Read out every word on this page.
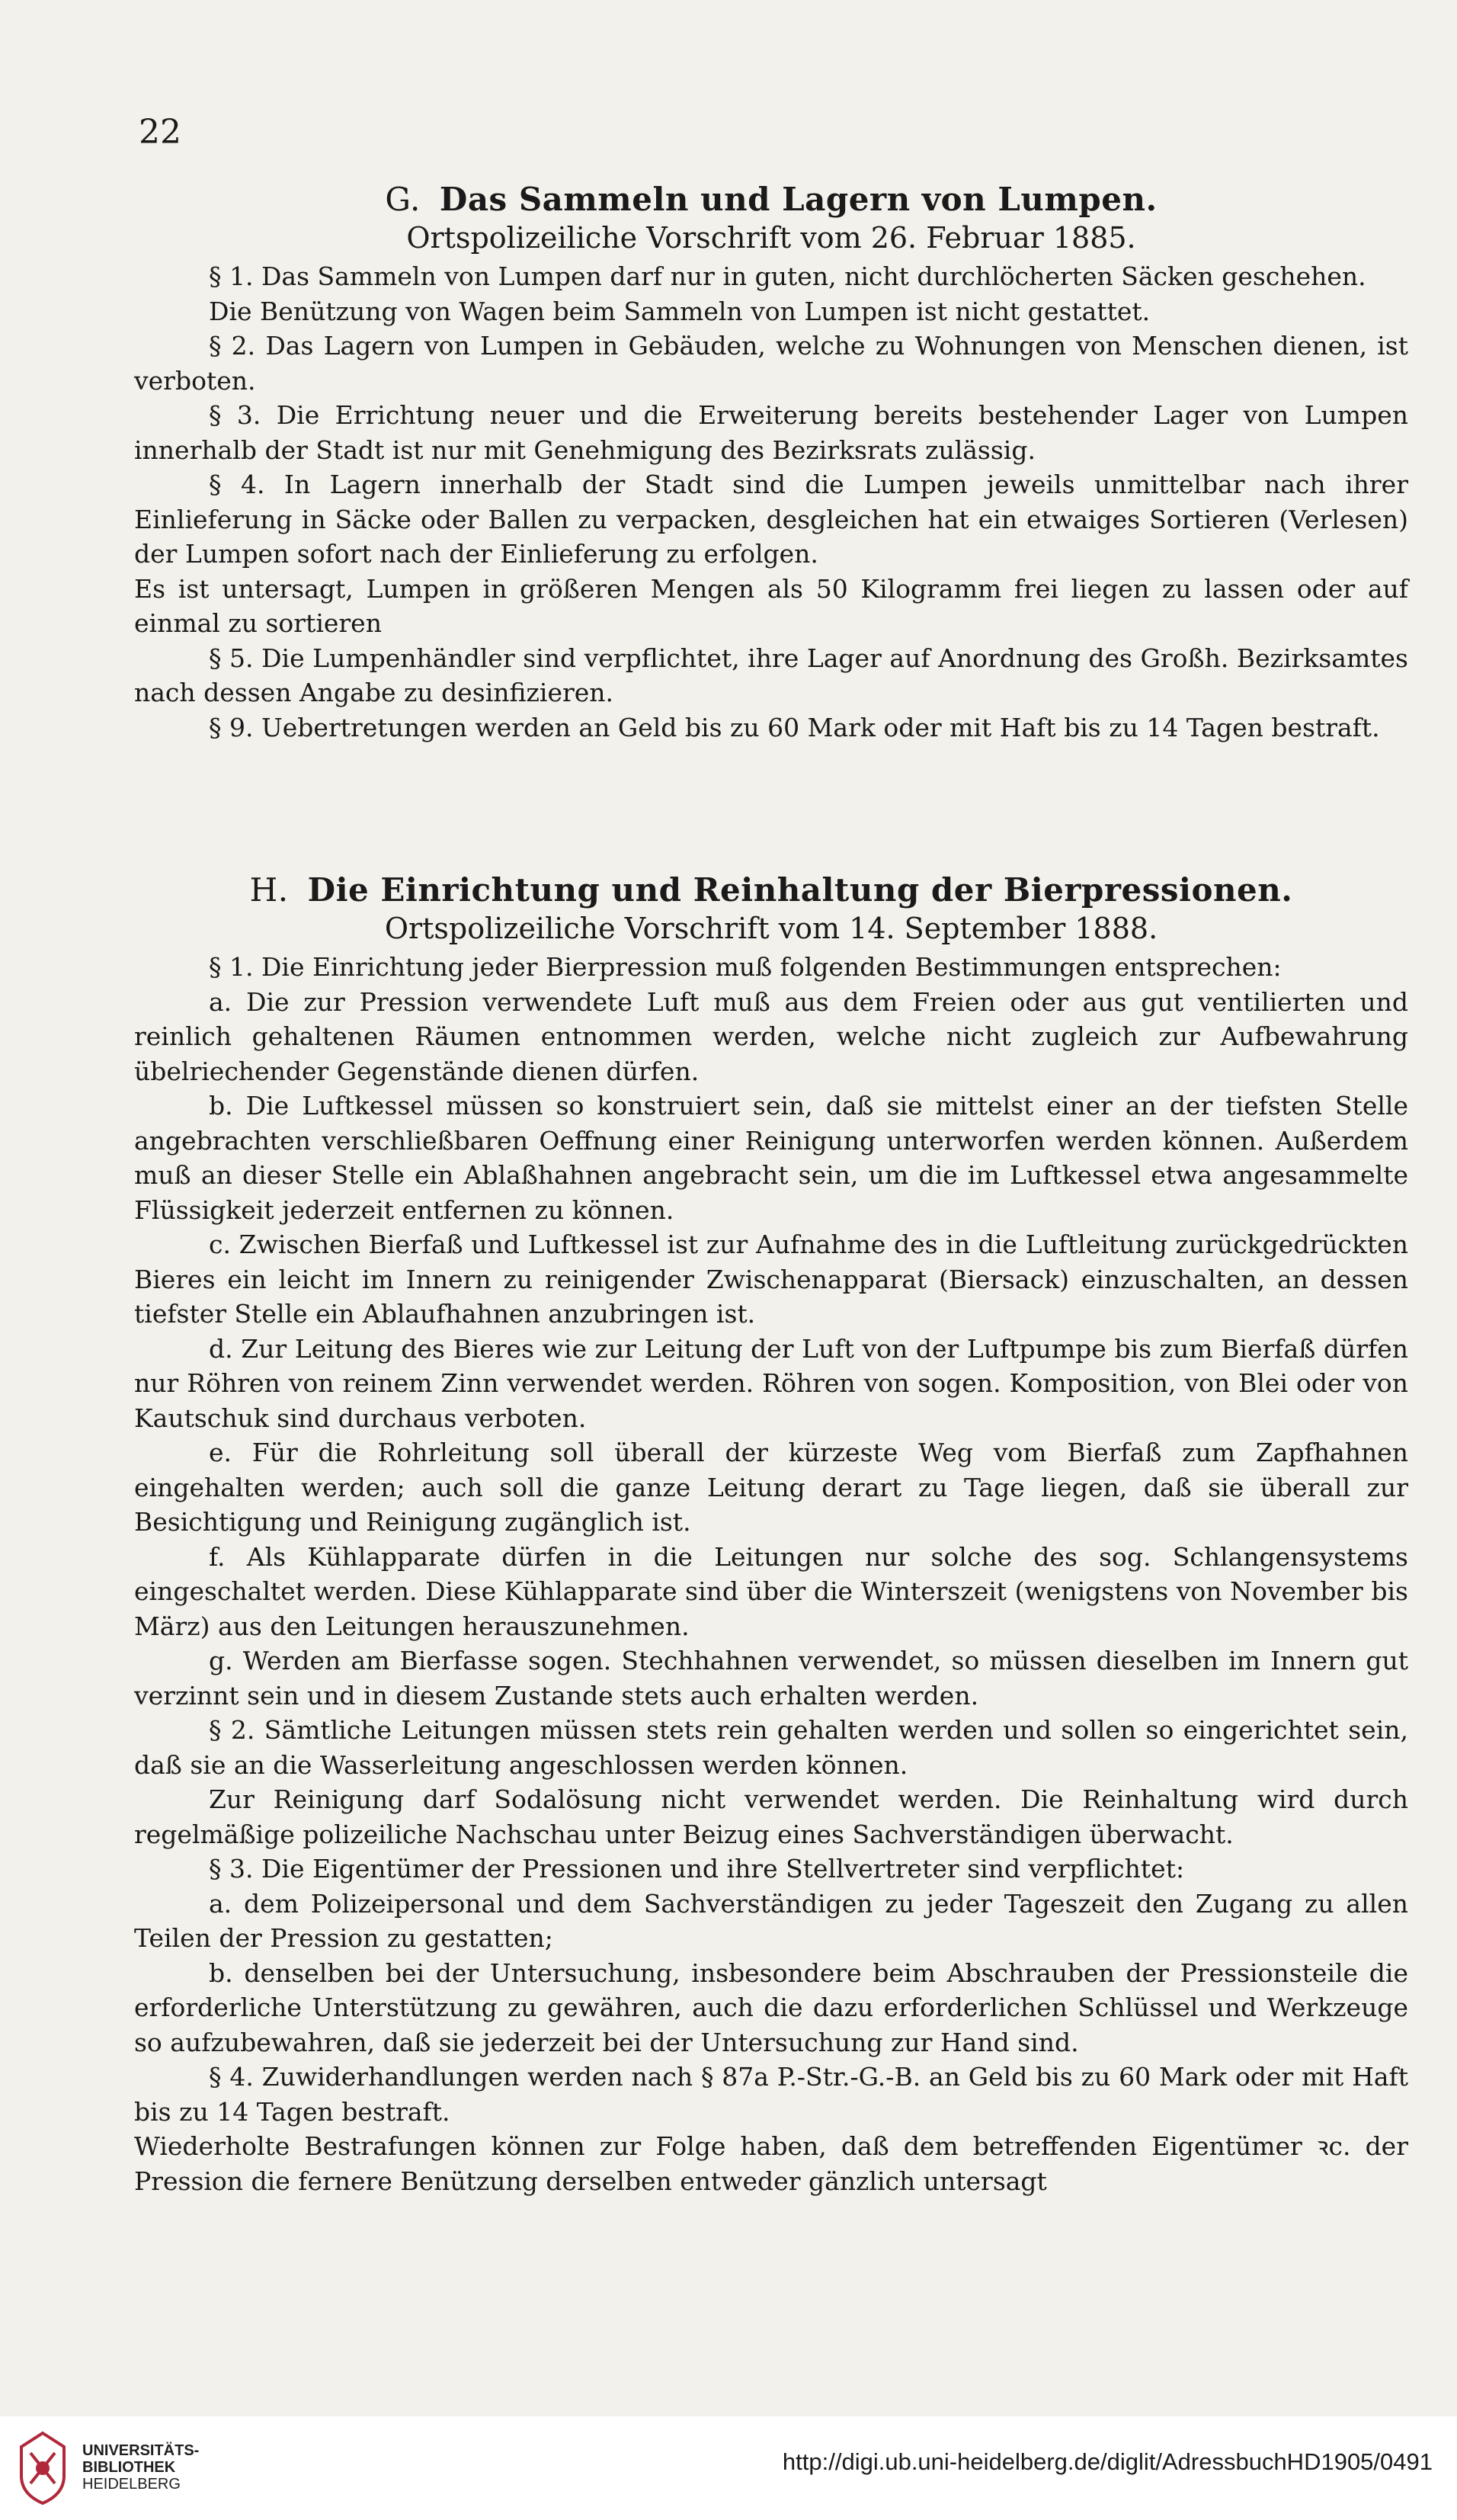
22

G. Das Sammeln und Lagern von Lumpen.

Ortspolizeiliche Vorschrift vom 26. Februar 1885.

§ 1. Das Sammeln von Lumpen darf nur in guten, nicht durchlöcherten Säcken geschehen.

Die Benützung von Wagen beim Sammeln von Lumpen ist nicht gestattet.

§ 2. Das Lagern von Lumpen in Gebäuden, welche zu Wohnungen von Menschen dienen, ist verboten.

§ 3. Die Errichtung neuer und die Erweiterung bereits bestehender Lager von Lumpen innerhalb der Stadt ist nur mit Genehmigung des Bezirksrats zulässig.

§ 4. In Lagern innerhalb der Stadt sind die Lumpen jeweils unmittelbar nach ihrer Einlieferung in Säcke oder Ballen zu verpacken, desgleichen hat ein etwaiges Sortieren (Verlesen) der Lumpen sofort nach der Einlieferung zu erfolgen.

Es ist untersagt, Lumpen in größeren Mengen als 50 Kilogramm frei liegen zu lassen oder auf einmal zu sortieren

§ 5. Die Lumpenhändler sind verpflichtet, ihre Lager auf Anordnung des Großh. Bezirksamtes nach dessen Angabe zu desinfizieren.

§ 9. Uebertretungen werden an Geld bis zu 60 Mark oder mit Haft bis zu 14 Tagen bestraft.

H. Die Einrichtung und Reinhaltung der Bierpressionen.

Ortspolizeiliche Vorschrift vom 14. September 1888.

§ 1. Die Einrichtung jeder Bierpression muß folgenden Bestimmungen entsprechen:

a. Die zur Pression verwendete Luft muß aus dem Freien oder aus gut ventilierten und reinlich gehaltenen Räumen entnommen werden, welche nicht zugleich zur Aufbewahrung übelriechender Gegenstände dienen dürfen.

b. Die Luftkessel müssen so konstruiert sein, daß sie mittelst einer an der tiefsten Stelle angebrachten verschließbaren Oeffnung einer Reinigung unterworfen werden können. Außerdem muß an dieser Stelle ein Ablaßhahnen angebracht sein, um die im Luftkessel etwa angesammelte Flüssigkeit jederzeit entfernen zu können.

c. Zwischen Bierfaß und Luftkessel ist zur Aufnahme des in die Luftleitung zurückgedrückten Bieres ein leicht im Innern zu reinigender Zwischenapparat (Biersack) einzuschalten, an dessen tiefster Stelle ein Ablaufhahnen anzubringen ist.

d. Zur Leitung des Bieres wie zur Leitung der Luft von der Luftpumpe bis zum Bierfaß dürfen nur Röhren von reinem Zinn verwendet werden. Röhren von sogen. Komposition, von Blei oder von Kautschuk sind durchaus verboten.

e. Für die Rohrleitung soll überall der kürzeste Weg vom Bierfaß zum Zapfhahnen eingehalten werden; auch soll die ganze Leitung derart zu Tage liegen, daß sie überall zur Besichtigung und Reinigung zugänglich ist.

f. Als Kühlapparate dürfen in die Leitungen nur solche des sog. Schlangensystems eingeschaltet werden. Diese Kühlapparate sind über die Winterszeit (wenigstens von November bis März) aus den Leitungen herauszunehmen.

g. Werden am Bierfasse sogen. Stechhahnen verwendet, so müssen dieselben im Innern gut verzinnt sein und in diesem Zustande stets auch erhalten werden.

§ 2. Sämtliche Leitungen müssen stets rein gehalten werden und sollen so eingerichtet sein, daß sie an die Wasserleitung angeschlossen werden können.

Zur Reinigung darf Sodalösung nicht verwendet werden. Die Reinhaltung wird durch regelmäßige polizeiliche Nachschau unter Beizug eines Sachverständigen überwacht.

§ 3. Die Eigentümer der Pressionen und ihre Stellvertreter sind verpflichtet:

a. dem Polizeipersonal und dem Sachverständigen zu jeder Tageszeit den Zugang zu allen Teilen der Pression zu gestatten;

b. denselben bei der Untersuchung, insbesondere beim Abschrauben der Pressionsteile die erforderliche Unterstützung zu gewähren, auch die dazu erforderlichen Schlüssel und Werkzeuge so aufzubewahren, daß sie jederzeit bei der Untersuchung zur Hand sind.

§ 4. Zuwiderhandlungen werden nach § 87a P.-Str.-G.-B. an Geld bis zu 60 Mark oder mit Haft bis zu 14 Tagen bestraft.

Wiederholte Bestrafungen können zur Folge haben, daß dem betreffenden Eigentümer ꝛc. der Pression die fernere Benützung derselben entweder gänzlich untersagt

UNIVERSITÄTS-
BIBLIOTHEK
HEIDELBERG
http://digi.ub.uni-heidelberg.de/diglit/AdressbuchHD1905/0491
